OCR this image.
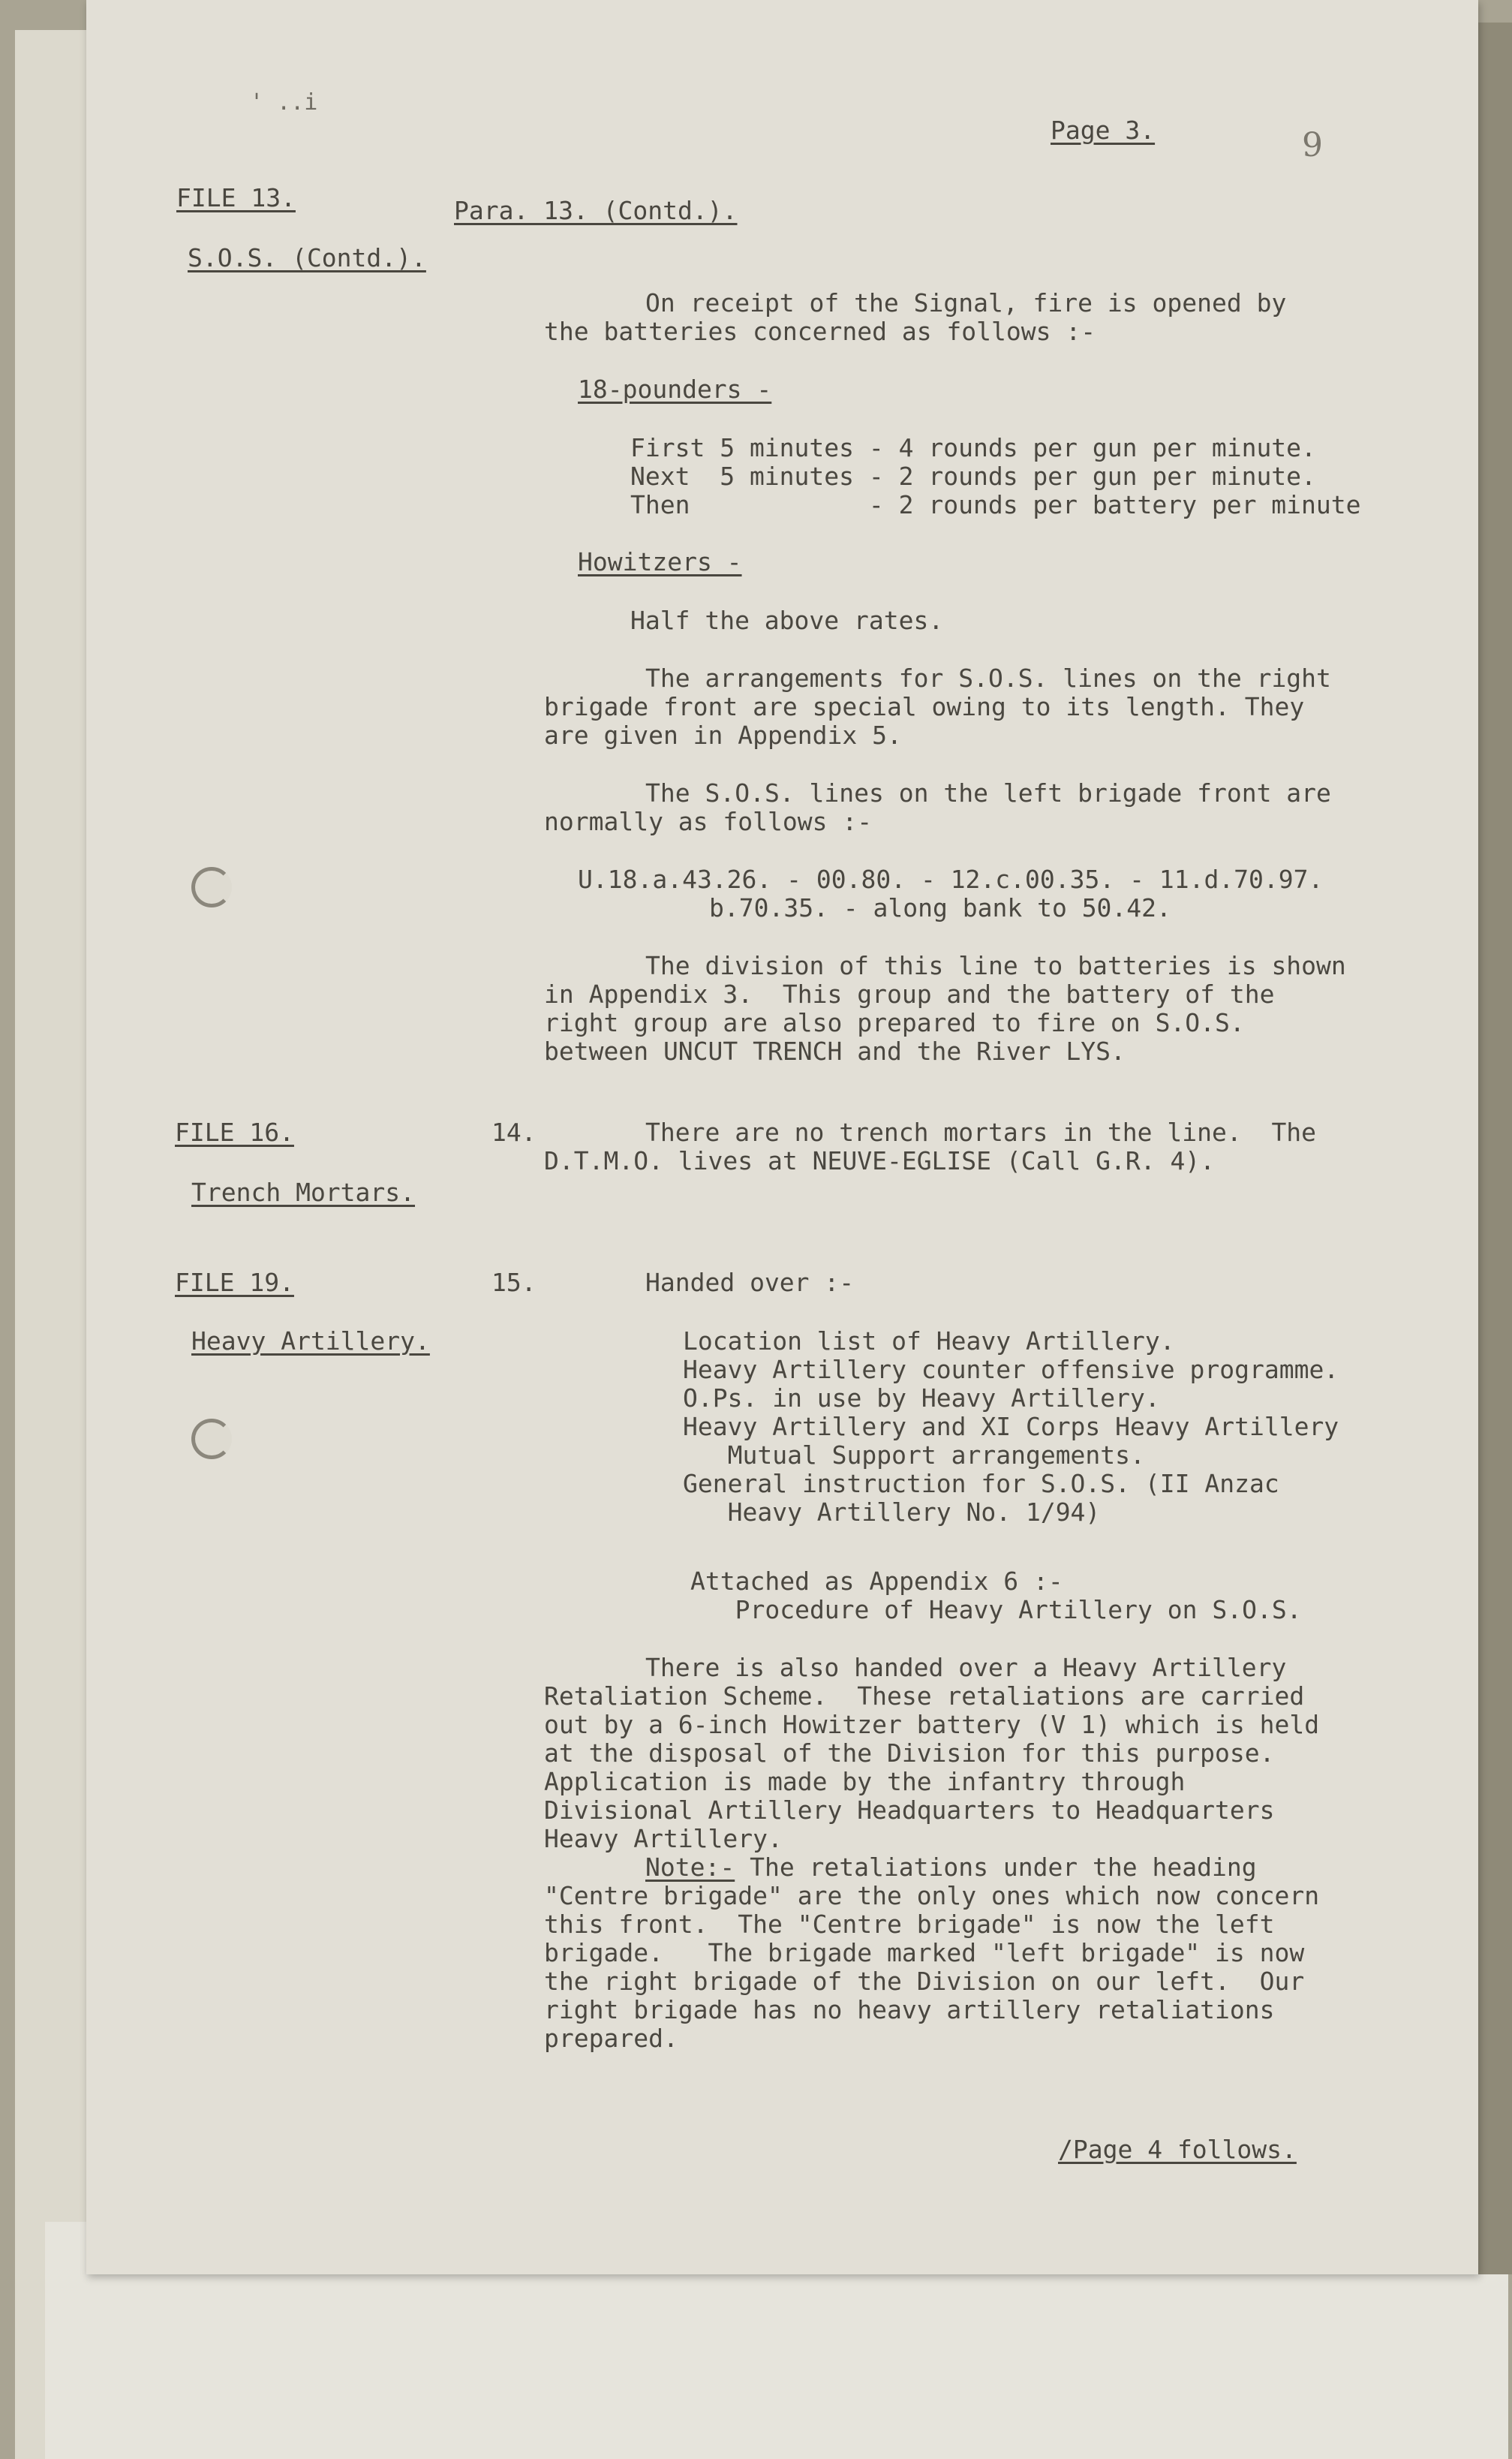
' ..i
Page 3.	9
FILE 13.	Para. 13. (Contd.).
S.O.S. (Contd.).
On receipt of the Signal, fire is opened by
the batteries concerned as follows :-
18-pounders -
First 5 minutes - 4 rounds per gun per minute.
Next  5 minutes - 2 rounds per gun per minute.
Then            - 2 rounds per battery per minute
Howitzers -
Half the above rates.
The arrangements for S.O.S. lines on the right
brigade front are special owing to its length. They
are given in Appendix 5.
The S.O.S. lines on the left brigade front are
normally as follows :-
U.18.a.43.26. - 00.80. - 12.c.00.35. - 11.d.70.97.
b.70.35. - along bank to 50.42.
The division of this line to batteries is shown
in Appendix 3.  This group and the battery of the
right group are also prepared to fire on S.O.S.
between UNCUT TRENCH and the River LYS.
FILE 16.	14.	There are no trench mortars in the line.  The
D.T.M.O. lives at NEUVE-EGLISE (Call G.R. 4).
Trench Mortars.
FILE 19.	15.	Handed over :-
Heavy Artillery.	Location list of Heavy Artillery.
Heavy Artillery counter offensive programme.
O.Ps. in use by Heavy Artillery.
Heavy Artillery and XI Corps Heavy Artillery
Mutual Support arrangements.
General instruction for S.O.S. (II Anzac
Heavy Artillery No. 1/94)
Attached as Appendix 6 :-
Procedure of Heavy Artillery on S.O.S.
There is also handed over a Heavy Artillery
Retaliation Scheme.  These retaliations are carried
out by a 6-inch Howitzer battery (V 1) which is held
at the disposal of the Division for this purpose.
Application is made by the infantry through
Divisional Artillery Headquarters to Headquarters
Heavy Artillery.
Note:- The retaliations under the heading
"Centre brigade" are the only ones which now concern
this front.  The "Centre brigade" is now the left
brigade.   The brigade marked "left brigade" is now
the right brigade of the Division on our left.  Our
right brigade has no heavy artillery retaliations
prepared.
/Page 4 follows.
